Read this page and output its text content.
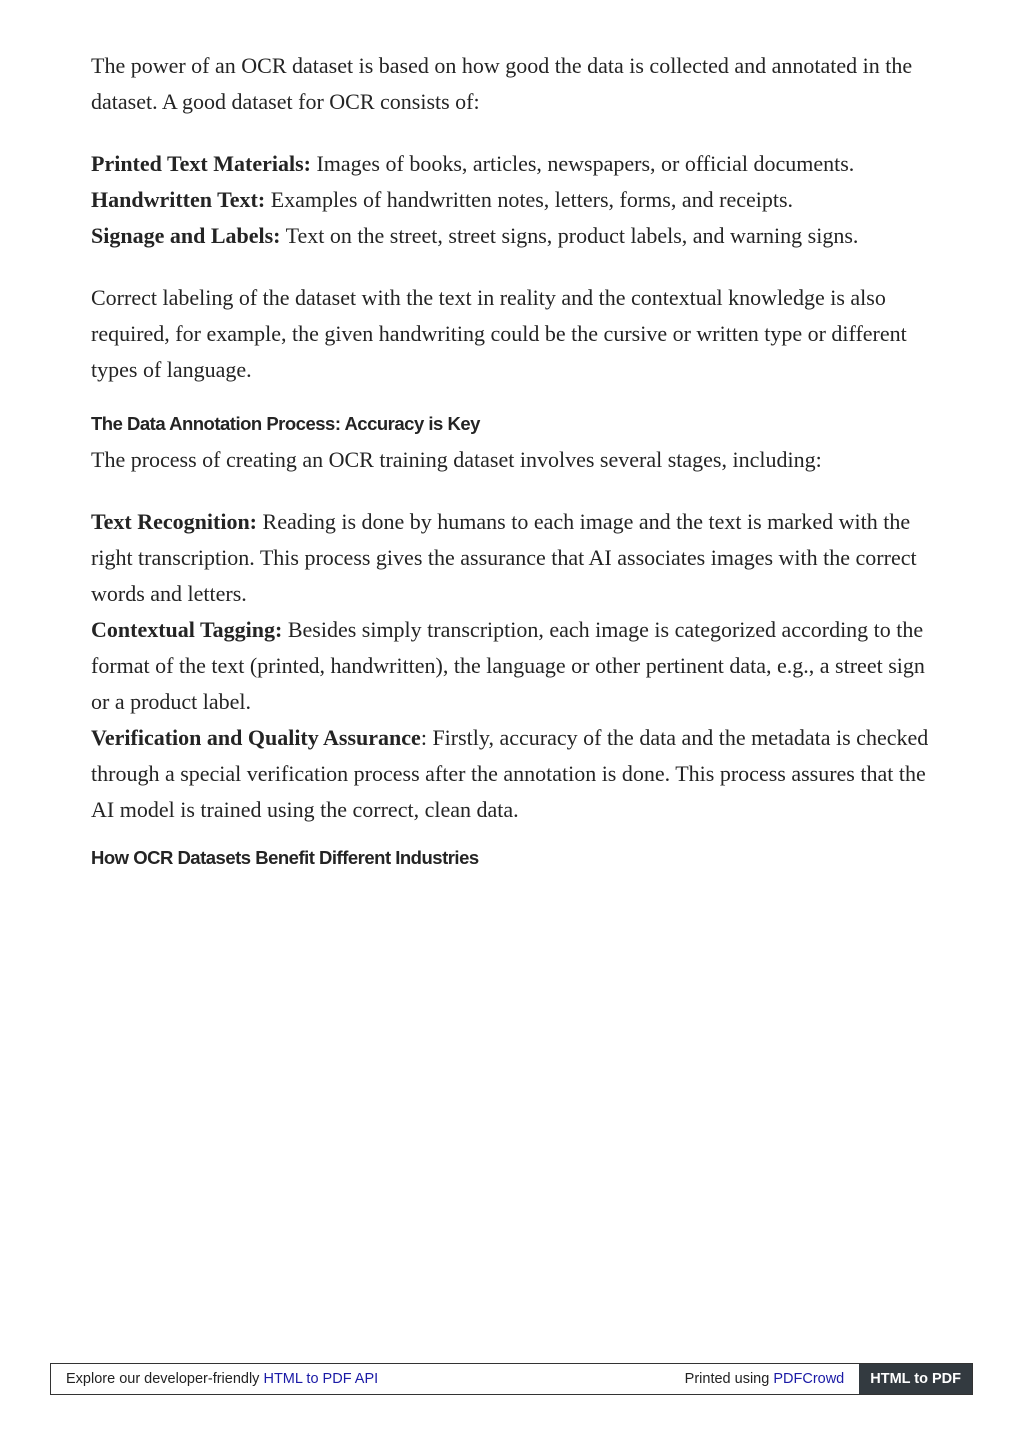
The power of an OCR dataset is based on how good the data is collected and annotated in the dataset. A good dataset for OCR consists of:

Printed Text Materials: Images of books, articles, newspapers, or official documents.

Handwritten Text: Examples of handwritten notes, letters, forms, and receipts.

Signage and Labels: Text on the street, street signs, product labels, and warning signs.

Correct labeling of the dataset with the text in reality and the contextual knowledge is also required, for example, the given handwriting could be the cursive or written type or different types of language.

The Data Annotation Process: Accuracy is Key

The process of creating an OCR training dataset involves several stages, including:

Text Recognition: Reading is done by humans to each image and the text is marked with the right transcription. This process gives the assurance that AI associates images with the correct words and letters.

Contextual Tagging: Besides simply transcription, each image is categorized according to the format of the text (printed, handwritten), the language or other pertinent data, e.g., a street sign or a product label.

Verification and Quality Assurance: Firstly, accuracy of the data and the metadata is checked through a special verification process after the annotation is done. This process assures that the AI model is trained using the correct, clean data.

How OCR Datasets Benefit Different Industries
Explore our developer-friendly HTML to PDF API	Printed using PDFCrowd	HTML to PDF
